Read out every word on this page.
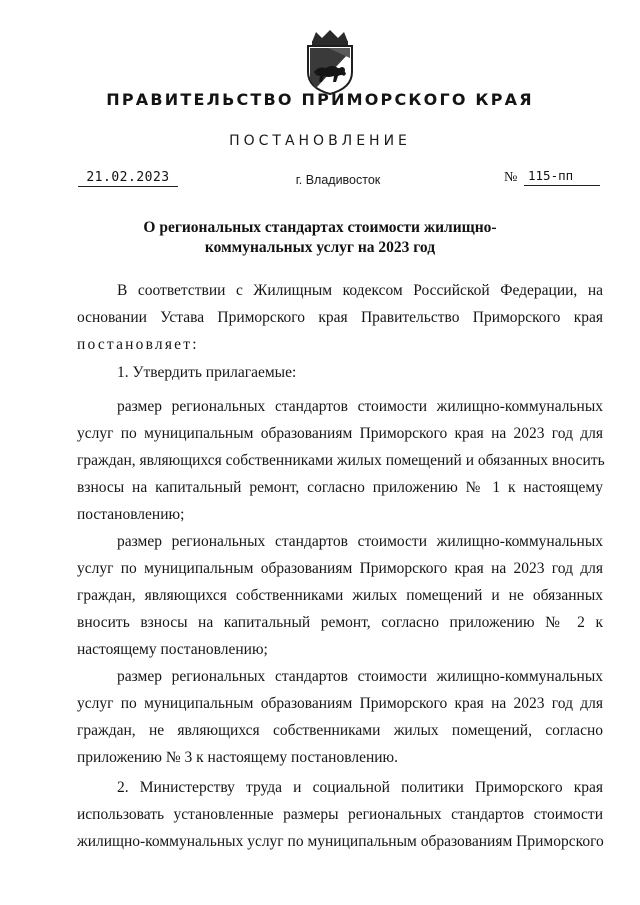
ПРАВИТЕЛЬСТВО ПРИМОРСКОГО КРАЯ
ПОСТАНОВЛЕНИЕ
21.02.2023	г. Владивосток	№ 115-пп
О региональных стандартах стоимости жилищно-
коммунальных услуг на 2023 год
В соответствии с Жилищным кодексом Российской Федерации, на
основании Устава Приморского края Правительство Приморского края
постановляет:
1. Утвердить прилагаемые:
размер региональных стандартов стоимости жилищно-коммунальных
услуг по муниципальным образованиям Приморского края на 2023 год для
граждан, являющихся собственниками жилых помещений и обязанных вносить
взносы на капитальный ремонт, согласно приложению № 1 к настоящему
постановлению;
размер региональных стандартов стоимости жилищно-коммунальных
услуг по муниципальным образованиям Приморского края на 2023 год для
граждан, являющихся собственниками жилых помещений и не обязанных
вносить взносы на капитальный ремонт, согласно приложению № 2 к
настоящему постановлению;
размер региональных стандартов стоимости жилищно-коммунальных
услуг по муниципальным образованиям Приморского края на 2023 год для
граждан, не являющихся собственниками жилых помещений, согласно
приложению № 3 к настоящему постановлению.
2. Министерству труда и социальной политики Приморского края
использовать установленные размеры региональных стандартов стоимости
жилищно-коммунальных услуг по муниципальным образованиям Приморского
